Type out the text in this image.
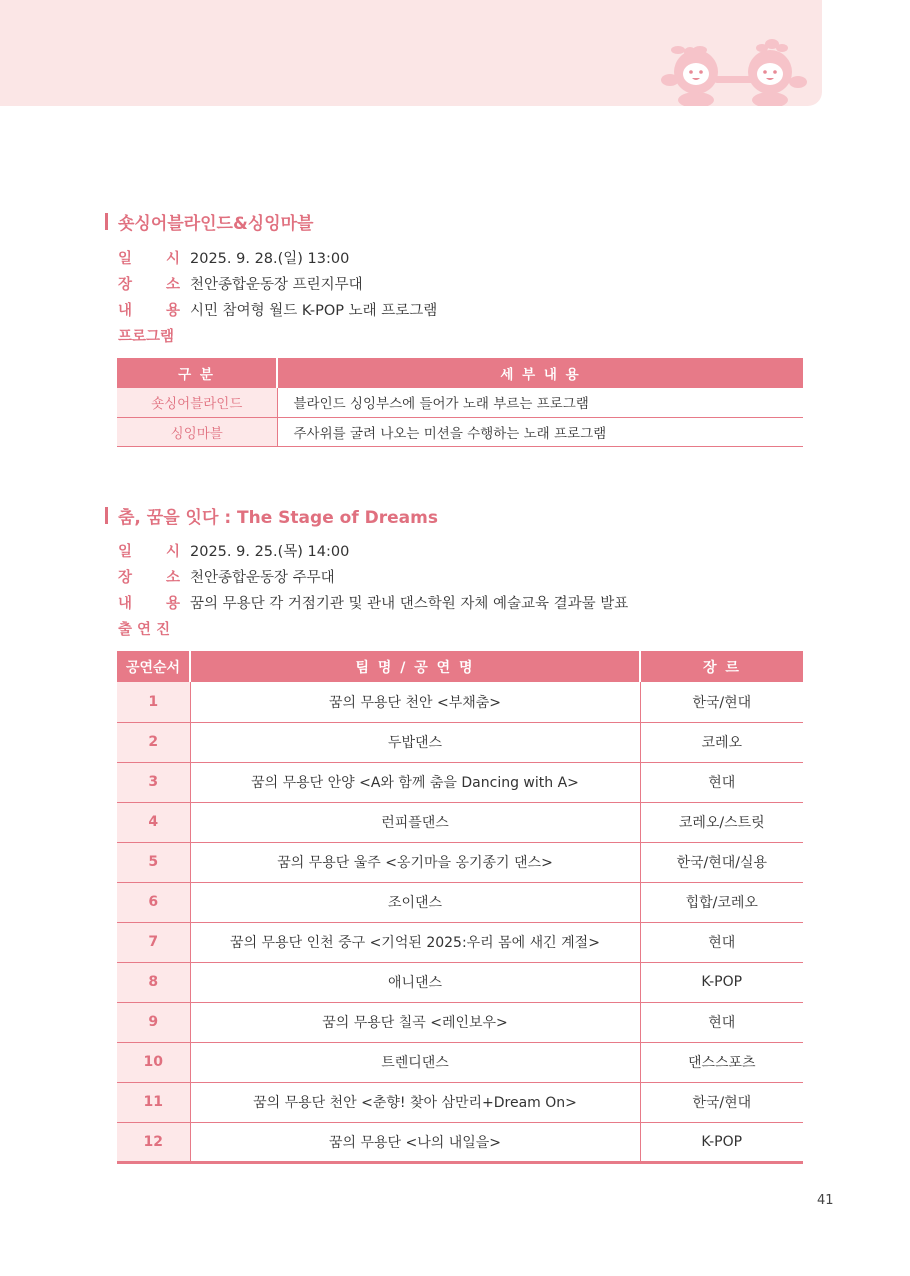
숏싱어블라인드&싱잉마블
일 시 2025. 9. 28.(일) 13:00
장 소 천안종합운동장 프린지무대
내 용 시민 참여형 월드 K-POP 노래 프로그램
프로그램
구 분	세 부 내 용
숏싱어블라인드	블라인드 싱잉부스에 들어가 노래 부르는 프로그램
싱잉마블	주사위를 굴려 나오는 미션을 수행하는 노래 프로그램
춤, 꿈을 잇다 : The Stage of Dreams
일 시 2025. 9. 25.(목) 14:00
장 소 천안종합운동장 주무대
내 용 꿈의 무용단 각 거점기관 및 관내 댄스학원 자체 예술교육 결과물 발표
출 연 진
공연순서	팀 명 / 공 연 명	장 르
1	꿈의 무용단 천안 <부채춤>	한국/현대
2	두밥댄스	코레오
3	꿈의 무용단 안양 <A와 함께 춤을 Dancing with A>	현대
4	런피플댄스	코레오/스트릿
5	꿈의 무용단 울주 <옹기마을 옹기종기 댄스>	한국/현대/실용
6	조이댄스	힙합/코레오
7	꿈의 무용단 인천 중구 <기억된 2025:우리 몸에 새긴 계절>	현대
8	애니댄스	K-POP
9	꿈의 무용단 칠곡 <레인보우>	현대
10	트렌디댄스	댄스스포츠
11	꿈의 무용단 천안 <춘향! 찾아 삼만리+Dream On>	한국/현대
12	꿈의 무용단 <나의 내일을>	K-POP
41
